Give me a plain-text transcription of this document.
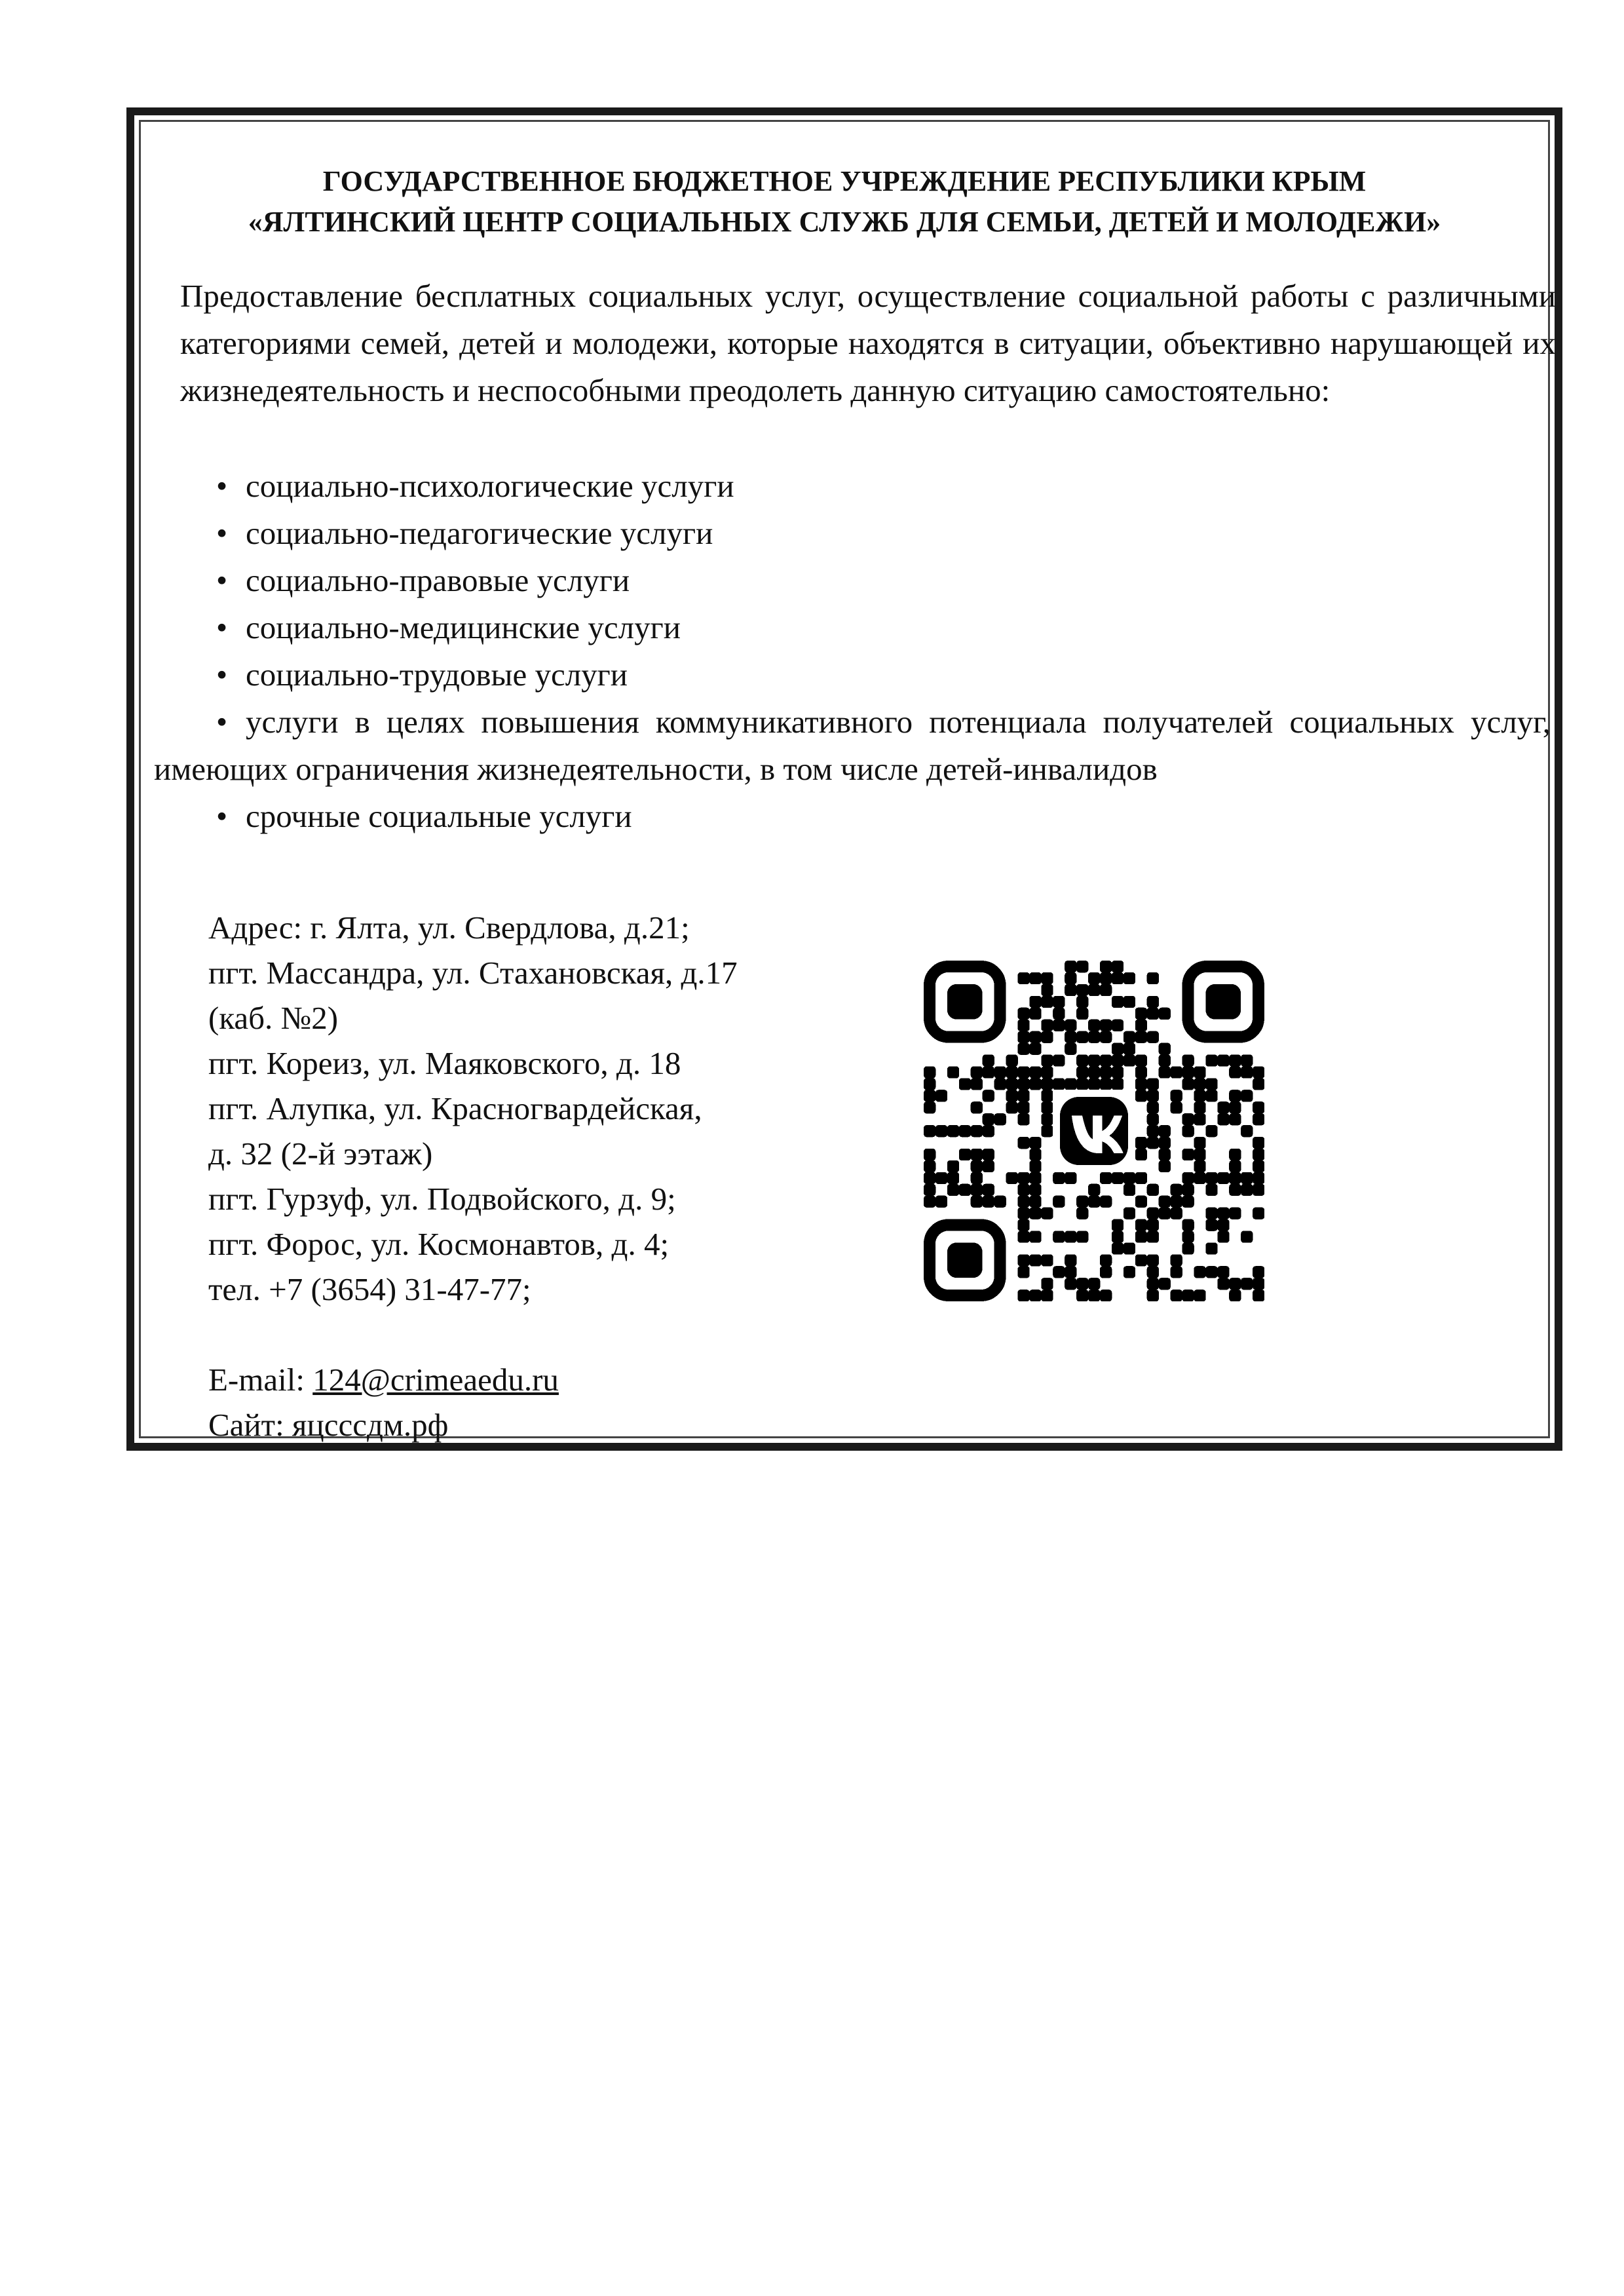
ГОСУДАРСТВЕННОЕ БЮДЖЕТНОЕ УЧРЕЖДЕНИЕ РЕСПУБЛИКИ КРЫМ
«ЯЛТИНСКИЙ ЦЕНТР СОЦИАЛЬНЫХ СЛУЖБ ДЛЯ СЕМЬИ, ДЕТЕЙ И МОЛОДЕЖИ»
Предоставление бесплатных социальных услуг, осуществление социальной работы с различными категориями семей, детей и молодежи, которые находятся в ситуации, объективно нарушающей их жизнедеятельность и неспособными преодолеть данную ситуацию самостоятельно:
• социально-психологические услуги
• социально-педагогические услуги
• социально-правовые услуги
• социально-медицинские услуги
• социально-трудовые услуги
• услуги в целях повышения коммуникативного потенциала получателей социальных услуг, имеющих ограничения жизнедеятельности, в том числе детей-инвалидов
• срочные социальные услуги
Адрес: г. Ялта, ул. Свердлова, д.21;
пгт. Массандра, ул. Стахановская, д.17
(каб. №2)
пгт. Кореиз, ул. Маяковского, д. 18
пгт. Алупка, ул. Красногвардейская,
д. 32 (2-й ээтаж)
пгт. Гурзуф, ул. Подвойского, д. 9;
пгт. Форос, ул. Космонавтов, д. 4;
тел. +7 (3654) 31-47-77;
E-mail: 124@crimeaedu.ru
Сайт: яцсссдм.рф
